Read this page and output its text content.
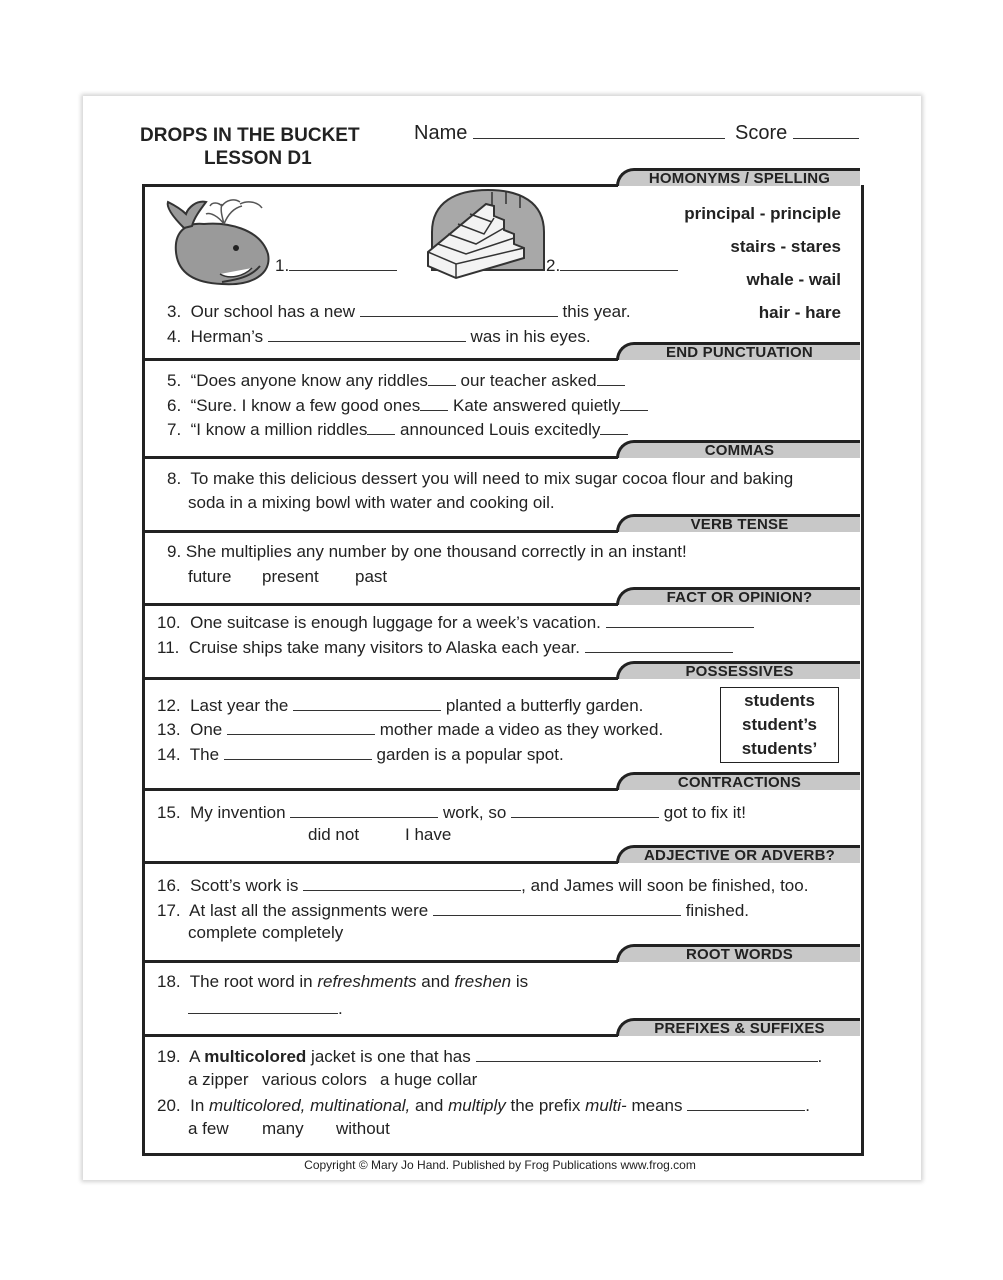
DROPS IN THE BUCKET
LESSON D1
Name	Score
HOMONYMS / SPELLING
END PUNCTUATION
COMMAS
VERB TENSE
FACT OR OPINION?
POSSESSIVES
CONTRACTIONS
ADJECTIVE OR ADVERB?
ROOT WORDS
PREFIXES & SUFFIXES
1.	2.
principal - principle
stairs - stares
whale - wail
hair - hare
3. Our school has a new	this year.
4. Herman’s	was in his eyes.
5. “Does anyone know any riddles our teacher asked
6. “Sure. I know a few good ones Kate answered quietly
7. “I know a million riddles announced Louis excitedly
8. To make this delicious dessert you will need to mix sugar cocoa flour and baking
soda in a mixing bowl with water and cooking oil.
9. She multiplies any number by one thousand correctly in an instant!
future present past
10. One suitcase is enough luggage for a week’s vacation.
11. Cruise ships take many visitors to Alaska each year.
12. Last year the	planted a butterfly garden.
13. One	mother made a video as they worked.
14. The	garden is a popular spot.
students
student’s
students’
15. My invention	work, so	got to fix it!
did not	I have
16. Scott’s work is	, and James will soon be finished, too.
17. At last all the assignments were	finished.
complete completely
18. The root word in refreshments and freshen is
.
19. A multicolored jacket is one that has	.
a zipper various colors a huge collar
20. In multicolored, multinational, and multiply the prefix multi- means	.
a few many without
Copyright © Mary Jo Hand. Published by Frog Publications www.frog.com
